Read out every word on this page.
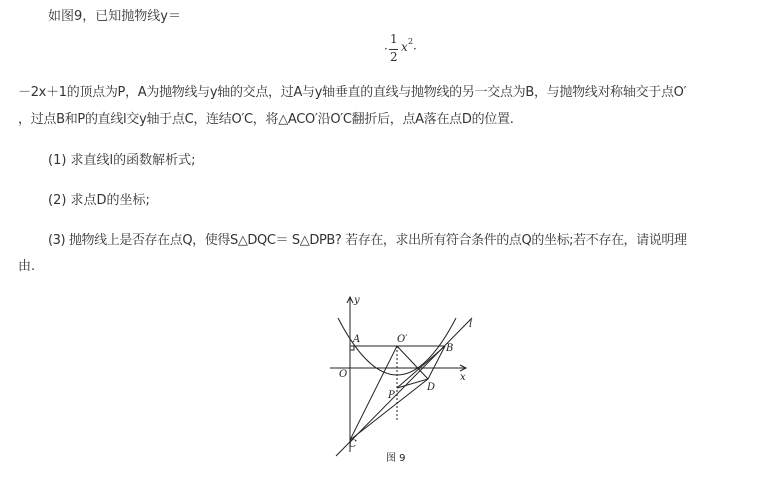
如图9，已知抛物线y＝
·
1
2
x 2
·
－2x＋1的顶点为P，A为抛物线与y轴的交点，过A与y轴垂直的直线与抛物线的另一交点为B，与抛物线对称轴交于点O′
，过点B和P的直线l交y轴于点C，连结O′C，将△ACO′沿O′C翻折后，点A落在点D的位置.
(1) 求直线l的函数解析式;
(2) 求点D的坐标;
(3) 抛物线上是否存在点Q，使得S△DQC＝ S△DPB? 若存在，求出所有符合条件的点Q的坐标;若不存在，请说明理
由.
y
x
O
A	O′
B
P
D
C
l
图 9
